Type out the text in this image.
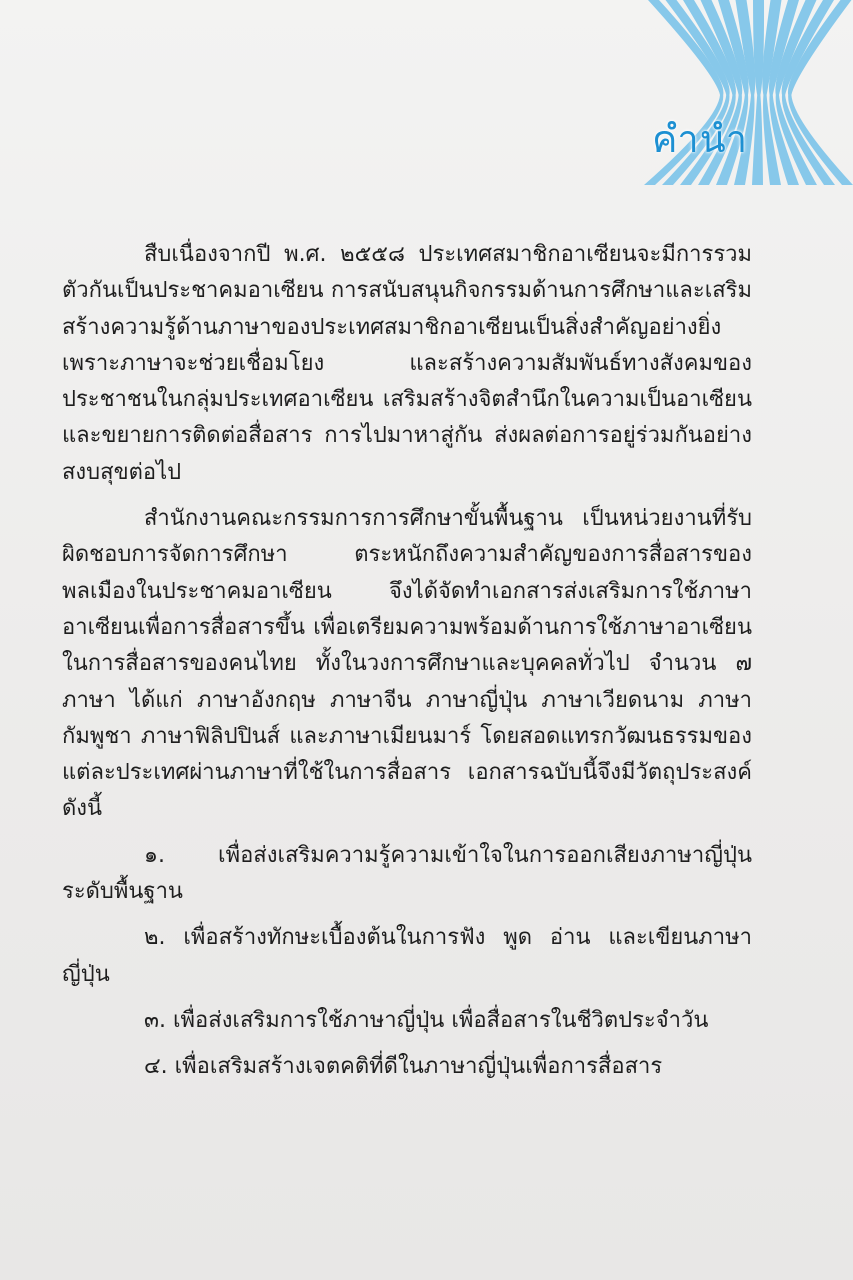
คำนำ

สืบเนื่องจากปี พ.ศ. ๒๕๕๘ ประเทศสมาชิกอาเซียนจะมีการรวมตัวกันเป็นประชาคมอาเซียน การสนับสนุนกิจกรรมด้านการศึกษาและเสริมสร้างความรู้ด้านภาษาของประเทศสมาชิกอาเซียนเป็นสิ่งสำคัญอย่างยิ่ง เพราะภาษาจะช่วยเชื่อมโยง และสร้างความสัมพันธ์ทางสังคมของประชาชนในกลุ่มประเทศอาเซียน เสริมสร้างจิตสำนึกในความเป็นอาเซียนและขยายการติดต่อสื่อสาร การไปมาหาสู่กัน ส่งผลต่อการอยู่ร่วมกันอย่างสงบสุขต่อไป

สำนักงานคณะกรรมการการศึกษาขั้นพื้นฐาน เป็นหน่วยงานที่รับผิดชอบการจัดการศึกษา ตระหนักถึงความสำคัญของการสื่อสารของพลเมืองในประชาคมอาเซียน จึงได้จัดทำเอกสารส่งเสริมการใช้ภาษาอาเซียนเพื่อการสื่อสารขึ้น เพื่อเตรียมความพร้อมด้านการใช้ภาษาอาเซียนในการสื่อสารของคนไทย ทั้งในวงการศึกษาและบุคคลทั่วไป จำนวน ๗ ภาษา ได้แก่ ภาษาอังกฤษ ภาษาจีน ภาษาญี่ปุ่น ภาษาเวียดนาม ภาษากัมพูชา ภาษาฟิลิปปินส์ และภาษาเมียนมาร์ โดยสอดแทรกวัฒนธรรมของแต่ละประเทศผ่านภาษาที่ใช้ในการสื่อสาร เอกสารฉบับนี้จึงมีวัตถุประสงค์ ดังนี้

๑. เพื่อส่งเสริมความรู้ความเข้าใจในการออกเสียงภาษาญี่ปุ่นระดับพื้นฐาน

๒. เพื่อสร้างทักษะเบื้องต้นในการฟัง พูด อ่าน และเขียนภาษาญี่ปุ่น

๓. เพื่อส่งเสริมการใช้ภาษาญี่ปุ่น เพื่อสื่อสารในชีวิตประจำวัน

๔. เพื่อเสริมสร้างเจตคติที่ดีในภาษาญี่ปุ่นเพื่อการสื่อสาร
